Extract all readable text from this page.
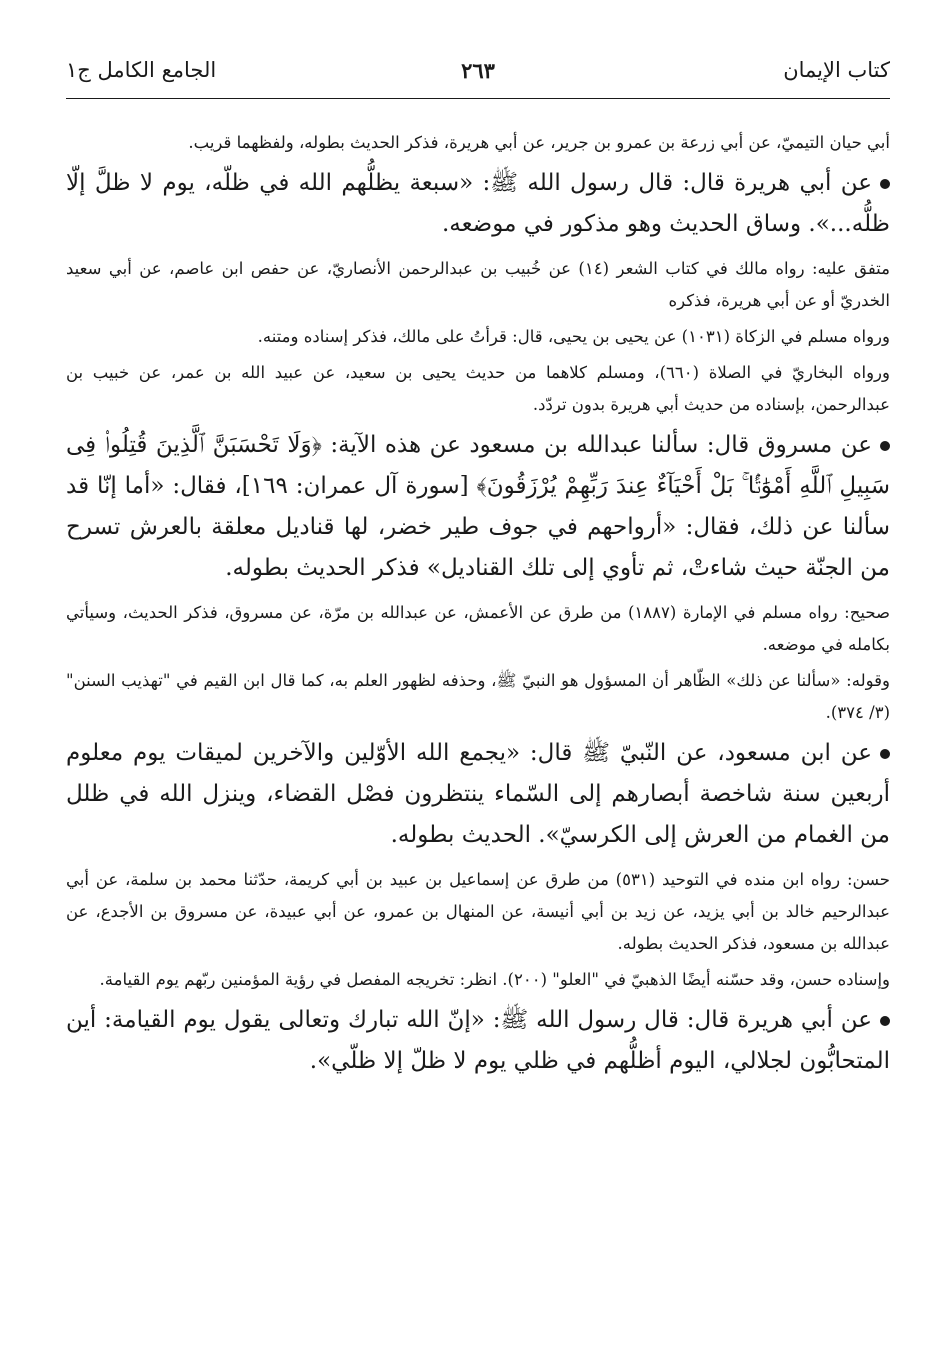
كتاب الإيمان
٢٦٣
الجامع الكامل ج١

أبي حيان التيميّ، عن أبي زرعة بن عمرو بن جرير، عن أبي هريرة، فذكر الحديث بطوله، ولفظهما قريب.

عن أبي هريرة قال: قال رسول الله ﷺ: «سبعة يظلُّهم الله في ظلّه، يوم لا ظلَّ إلّا ظلُّه...». وساق الحديث وهو مذكور في موضعه.

متفق عليه: رواه مالك في كتاب الشعر (١٤) عن خُبيب بن عبدالرحمن الأنصاريّ، عن حفص ابن عاصم، عن أبي سعيد الخدريّ أو عن أبي هريرة، فذكره

ورواه مسلم في الزكاة (١٠٣١) عن يحيى بن يحيى، قال: قرأتُ على مالك، فذكر إسناده ومتنه.

ورواه البخاريّ في الصلاة (٦٦٠)، ومسلم كلاهما من حديث يحيى بن سعيد، عن عبيد الله بن عمر، عن خبيب بن عبدالرحمن، بإسناده من حديث أبي هريرة بدون تردّد.

عن مسروق قال: سألنا عبدالله بن مسعود عن هذه الآية: ﴿وَلَا تَحْسَبَنَّ ٱلَّذِينَ قُتِلُوا۟ فِى سَبِيلِ ٱللَّهِ أَمْوَٰتًۢا ۚ بَلْ أَحْيَآءٌ عِندَ رَبِّهِمْ يُرْزَقُونَ﴾ [سورة آل عمران: ١٦٩]، فقال: «أما إنّا قد سألنا عن ذلك، فقال: «أرواحهم في جوف طير خضر، لها قناديل معلقة بالعرش تسرح من الجنّة حيث شاءتْ، ثم تأوي إلى تلك القناديل» فذكر الحديث بطوله.

صحيح: رواه مسلم في الإمارة (١٨٨٧) من طرق عن الأعمش، عن عبدالله بن مرّة، عن مسروق، فذكر الحديث، وسيأتي بكامله في موضعه.

وقوله: «سألنا عن ذلك» الظّاهر أن المسؤول هو النبيّ ﷺ، وحذفه لظهور العلم به، كما قال ابن القيم في "تهذيب السنن" (٣/ ٣٧٤).

عن ابن مسعود، عن النّبيّ ﷺ قال: «يجمع الله الأوّلين والآخرين لميقات يوم معلوم أربعين سنة شاخصة أبصارهم إلى السّماء ينتظرون فصْل القضاء، وينزل الله في ظلل من الغمام من العرش إلى الكرسيّ». الحديث بطوله.

حسن: رواه ابن منده في التوحيد (٥٣١) من طرق عن إسماعيل بن عبيد بن أبي كريمة، حدّثنا محمد بن سلمة، عن أبي عبدالرحيم خالد بن أبي يزيد، عن زيد بن أبي أنيسة، عن المنهال بن عمرو، عن أبي عبيدة، عن مسروق بن الأجدع، عن عبدالله بن مسعود، فذكر الحديث بطوله.

وإسناده حسن، وقد حسّنه أيضًا الذهبيّ في "العلو" (٢٠٠). انظر: تخريجه المفصل في رؤية المؤمنين ربّهم يوم القيامة.

عن أبي هريرة قال: قال رسول الله ﷺ: «إنّ الله تبارك وتعالى يقول يوم القيامة: أين المتحابُّون لجلالي، اليوم أظلُّهم في ظلي يوم لا ظلّ إلا ظلّي».
